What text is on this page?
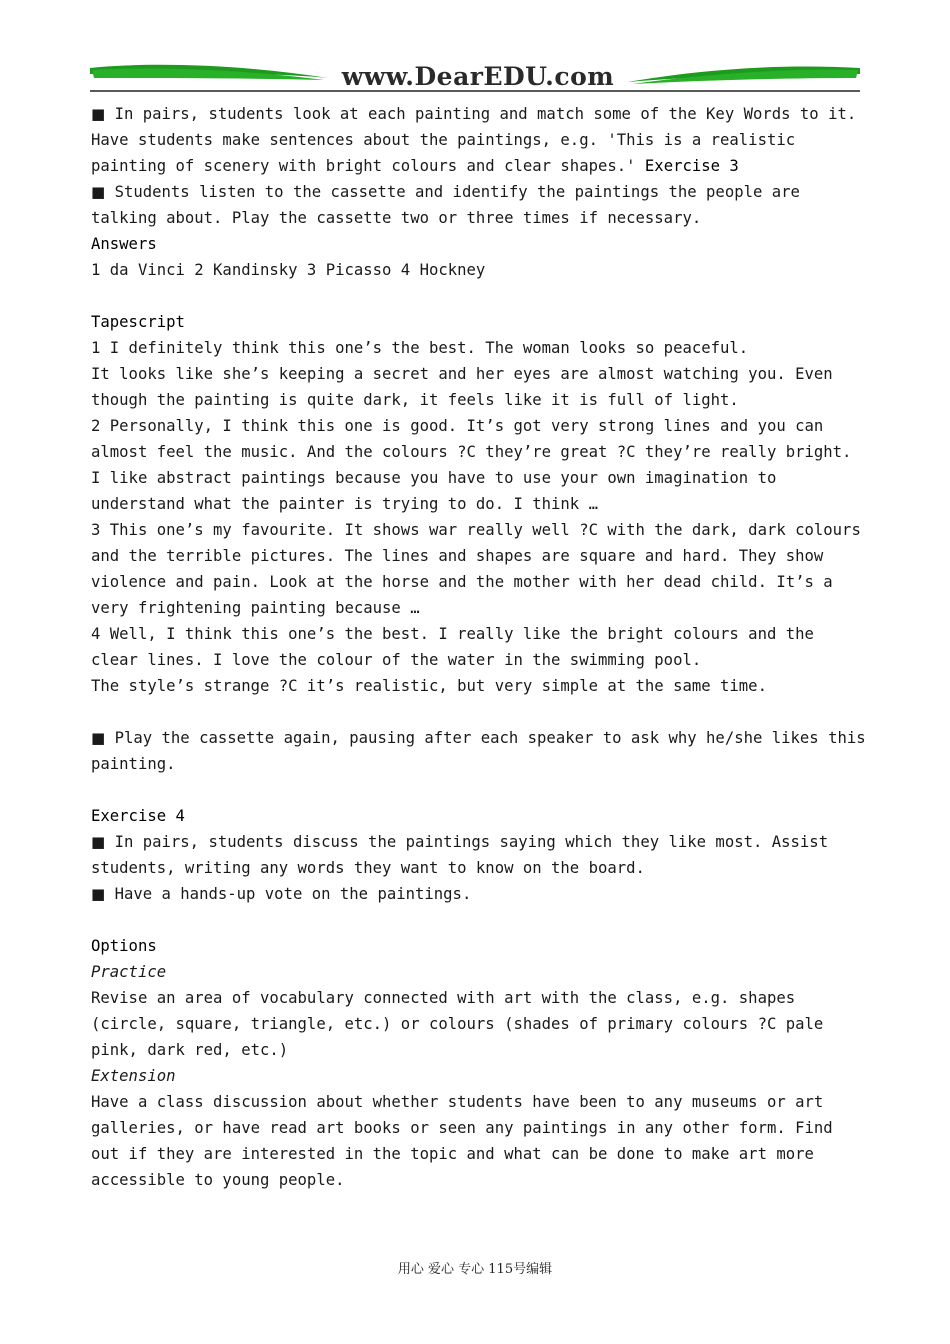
www.DearEDU.com

■ In pairs, students look at each painting and match some of the Key Words to it. Have students make sentences about the paintings, e.g. 'This is a realistic painting of scenery with bright colours and clear shapes.' Exercise 3

■ Students listen to the cassette and identify the paintings the people are talking about. Play the cassette two or three times if necessary.

Answers

1 da Vinci 2 Kandinsky 3 Picasso 4 Hockney

Tapescript

1 I definitely think this one’s the best. The woman looks so peaceful.

It looks like she’s keeping a secret and her eyes are almost watching you. Even though the painting is quite dark, it feels like it is full of light.

2 Personally, I think this one is good. It’s got very strong lines and you can almost feel the music. And the colours ?C they’re great ?C they’re really bright. I like abstract paintings because you have to use your own imagination to understand what the painter is trying to do. I think …

3 This one’s my favourite. It shows war really well ?C with the dark, dark colours and the terrible pictures. The lines and shapes are square and hard. They show violence and pain. Look at the horse and the mother with her dead child. It’s a very frightening painting because …

4 Well, I think this one’s the best. I really like the bright colours and the clear lines. I love the colour of the water in the swimming pool.

The style’s strange ?C it’s realistic, but very simple at the same time.

■ Play the cassette again, pausing after each speaker to ask why he/she likes this painting.

Exercise 4

■ In pairs, students discuss the paintings saying which they like most. Assist students, writing any words they want to know on the board.

■ Have a hands-up vote on the paintings.

Options

Practice

Revise an area of vocabulary connected with art with the class, e.g. shapes (circle, square, triangle, etc.) or colours (shades of primary colours ?C pale pink, dark red, etc.)

Extension

Have a class discussion about whether students have been to any museums or art galleries, or have read art books or seen any paintings in any other form. Find out if they are interested in the topic and what can be done to make art more accessible to young people.

用心 爱心 专心 115号编辑
